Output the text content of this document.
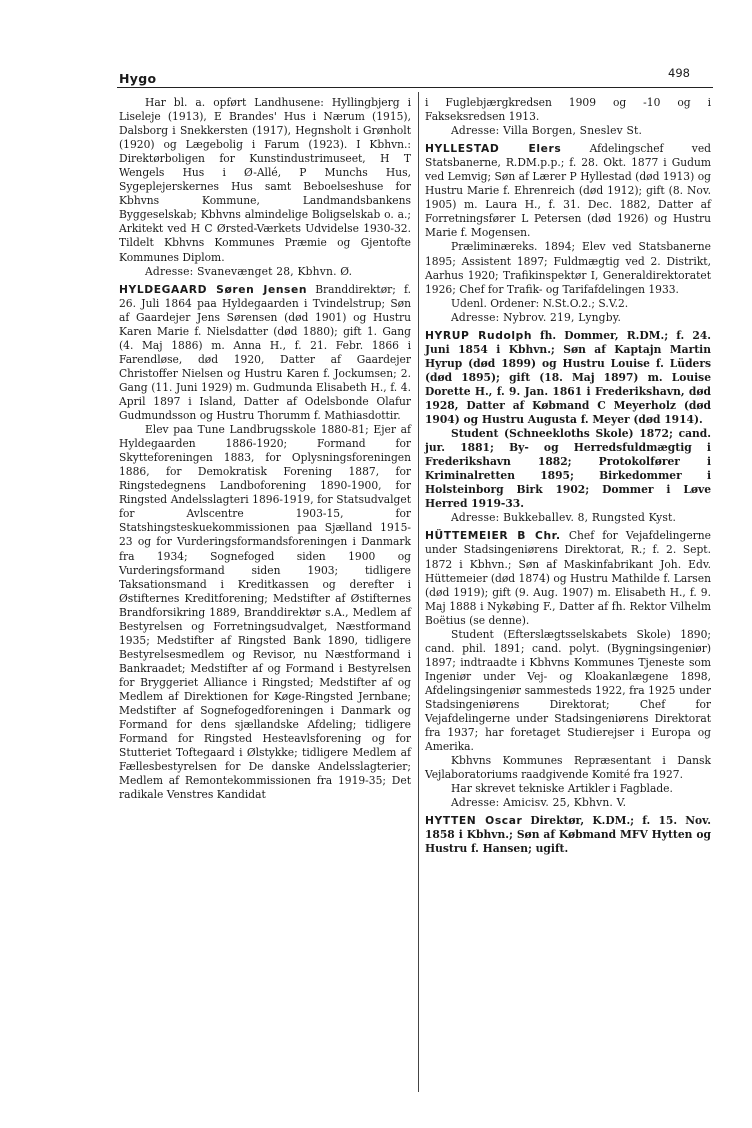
Hygo	498

Har bl. a. opført Landhusene: Hyllingbjerg i Liseleje (1913), E Brandes' Hus i Nærum (1915), Dalsborg i Snekkersten (1917), Hegnsholt i Grønholt (1920) og Lægebolig i Farum (1923). I Kbhvn.: Direktørboligen for Kunstindustrimuseet, H T Wengels Hus i Ø-Allé, P Munchs Hus, Sygeplejerskernes Hus samt Beboelseshuse for Kbhvns Kommune, Landmandsbankens Byggeselskab; Kbhvns almindelige Boligselskab o. a.; Arkitekt ved H C Ørsted-Værkets Udvidelse 1930-32. Tildelt Kbhvns Kommunes Præmie og Gjentofte Kommunes Diplom.

Adresse: Svanevænget 28, Kbhvn. Ø.

HYLDEGAARD Søren Jensen Branddirektør; f. 26. Juli 1864 paa Hyldegaarden i Tvindelstrup; Søn af Gaardejer Jens Sørensen (død 1901) og Hustru Karen Marie f. Nielsdatter (død 1880); gift 1. Gang (4. Maj 1886) m. Anna H., f. 21. Febr. 1866 i Farendløse, død 1920, Datter af Gaardejer Christoffer Nielsen og Hustru Karen f. Jockumsen; 2. Gang (11. Juni 1929) m. Gudmunda Elisabeth H., f. 4. April 1897 i Island, Datter af Odelsbonde Olafur Gudmundsson og Hustru Thorumm f. Mathiasdottir.

Elev paa Tune Landbrugsskole 1880-81; Ejer af Hyldegaarden 1886-1920; Formand for Skytteforeningen 1883, for Oplysningsforeningen 1886, for Demokratisk Forening 1887, for Ringstedegnens Landboforening 1890-1900, for Ringsted Andelsslagteri 1896-1919, for Statsudvalget for Avlscentre 1903-15, for Statshingsteskuekommissionen paa Sjælland 1915-23 og for Vurderingsformandsforeningen i Danmark fra 1934; Sognefoged siden 1900 og Vurderingsformand siden 1903; tidligere Taksationsmand i Kreditkassen og derefter i Østifternes Kreditforening; Medstifter af Østifternes Brandforsikring 1889, Branddirektør s.A., Medlem af Bestyrelsen og Forretningsudvalget, Næstformand 1935; Medstifter af Ringsted Bank 1890, tidligere Bestyrelsesmedlem og Revisor, nu Næstformand i Bankraadet; Medstifter af og Formand i Bestyrelsen for Bryggeriet Alliance i Ringsted; Medstifter af og Medlem af Direktionen for Køge-Ringsted Jernbane; Medstifter af Sognefogedforeningen i Danmark og Formand for dens sjællandske Afdeling; tidligere Formand for Ringsted Hesteavlsforening og for Stutteriet Toftegaard i Ølstykke; tidligere Medlem af Fællesbestyrelsen for De danske Andelsslagterier; Medlem af Remontekommissionen fra 1919-35; Det radikale Venstres Kandidat

i Fuglebjærgkredsen 1909 og -10 og i Fakseksredsen 1913.

Adresse: Villa Borgen, Sneslev St.

HYLLESTAD Elers	Afdelingschef ved Statsbanerne, R.DM.p.p.; f. 28. Okt. 1877 i Gudum ved Lemvig; Søn af Lærer P Hyllestad (død 1913) og Hustru Marie f. Ehrenreich (død 1912); gift (8. Nov. 1905) m. Laura H., f. 31. Dec. 1882, Datter af Forretningsfører L Petersen (død 1926) og Hustru Marie f. Mogensen.

Præliminæreks. 1894; Elev ved Statsbanerne 1895; Assistent 1897; Fuldmægtig ved 2. Distrikt, Aarhus 1920; Trafikinspektør I, Generaldirektoratet 1926; Chef for Trafik- og Tarifafdelingen 1933.

Udenl. Ordener: N.St.O.2.; S.V.2.

Adresse: Nybrov. 219, Lyngby.

HYRUP Rudolph fh. Dommer, R.DM.; f. 24. Juni 1854 i Kbhvn.; Søn af Kaptajn Martin Hyrup (død 1899) og Hustru Louise f. Lüders (død 1895); gift (18. Maj 1897) m. Louise Dorette H., f. 9. Jan. 1861 i Frederikshavn, død 1928, Datter af Købmand C Meyerholz (død 1904) og Hustru Augusta f. Meyer (død 1914).

Student (Schneekloths Skole) 1872; cand. jur. 1881; By- og Herredsfuldmægtig i Frederikshavn 1882; Protokolfører i Kriminalretten 1895; Birkedommer i Holsteinborg Birk 1902; Dommer i Løve Herred 1919-33.

Adresse: Bukkeballev. 8, Rungsted Kyst.

HÜTTEMEIER B Chr. Chef for Vejafdelingerne under Stadsingeniørens Direktorat, R.; f. 2. Sept. 1872 i Kbhvn.; Søn af Maskinfabrikant Joh. Edv. Hüttemeier (død 1874) og Hustru Mathilde f. Larsen (død 1919); gift (9. Aug. 1907) m. Elisabeth H., f. 9. Maj 1888 i Nykøbing F., Datter af fh. Rektor Vilhelm Boëtius (se denne).

Student (Efterslægtsselskabets Skole) 1890; cand. phil. 1891; cand. polyt. (Bygningsingeniør) 1897; indtraadte i Kbhvns Kommunes Tjeneste som Ingeniør under Vej- og Kloakanlægene 1898, Afdelingsingeniør sammesteds 1922, fra 1925 under Stadsingeniørens Direktorat; Chef for Vejafdelingerne under Stadsingeniørens Direktorat fra 1937; har foretaget Studierejser i Europa og Amerika.

Kbhvns Kommunes Repræsentant i Dansk Vejlaboratoriums raadgivende Komité fra 1927.

Har skrevet tekniske Artikler i Fagblade.

Adresse: Amicisv. 25, Kbhvn. V.

HYTTEN Oscar Direktør, K.DM.; f. 15. Nov. 1858 i Kbhvn.; Søn af Købmand MFV Hytten og Hustru f. Hansen; ugift.
